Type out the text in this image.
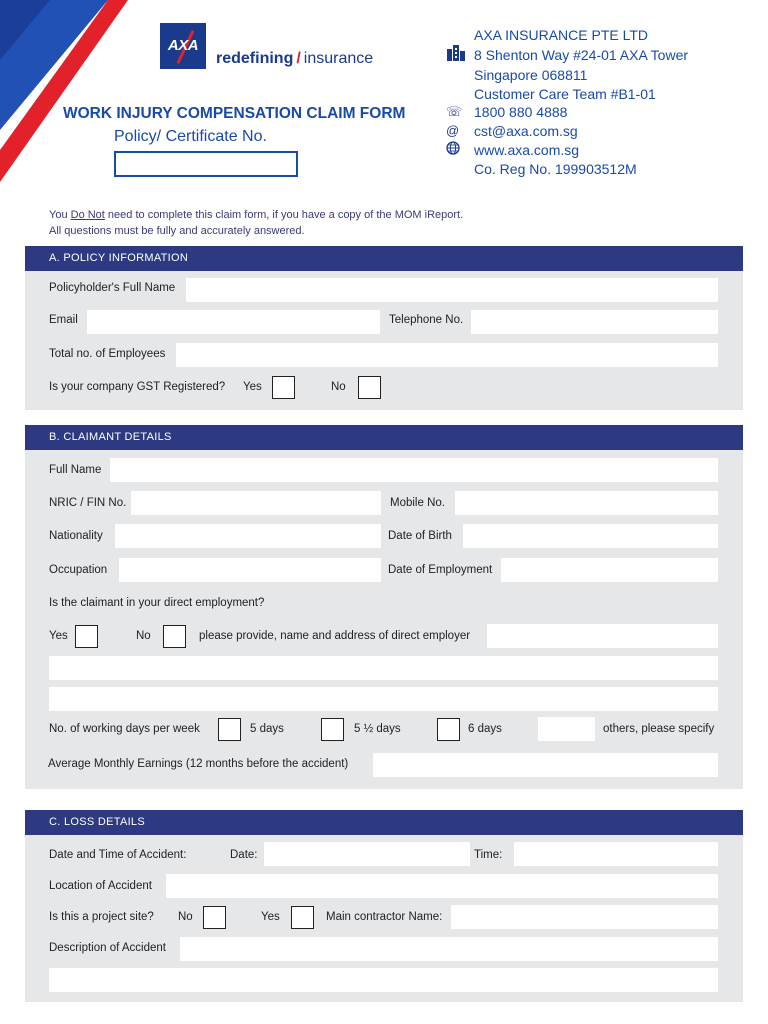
AXA
redefining / insurance
WORK INJURY COMPENSATION CLAIM FORM
Policy/ Certificate No.
AXA INSURANCE PTE LTD
8 Shenton Way #24-01 AXA Tower
Singapore 068811
Customer Care Team #B1-01
☏ 1800 880 4888
@	cst@axa.com.sg
www.axa.com.sg
Co. Reg No. 199903512M
You Do Not need to complete this claim form, if you have a copy of the MOM iReport.
All questions must be fully and accurately answered.
A. POLICY INFORMATION
Policyholder's Full Name
Email	Telephone No.
Total no. of Employees
Is your company GST Registered? Yes	No
B. CLAIMANT DETAILS
Full Name
NRIC / FIN No.	Mobile No.
Nationality	Date of Birth
Occupation	Date of Employment
Is the claimant in your direct employment?
Yes	No	please provide, name and address of direct employer
No. of working days per week	5 days	5 ½ days	6 days	others, please specify
Average Monthly Earnings (12 months before the accident)
C. LOSS DETAILS
Date and Time of Accident:	Date:	Time:
Location of Accident
Is this a project site? No	Yes	Main contractor Name:
Description of Accident
